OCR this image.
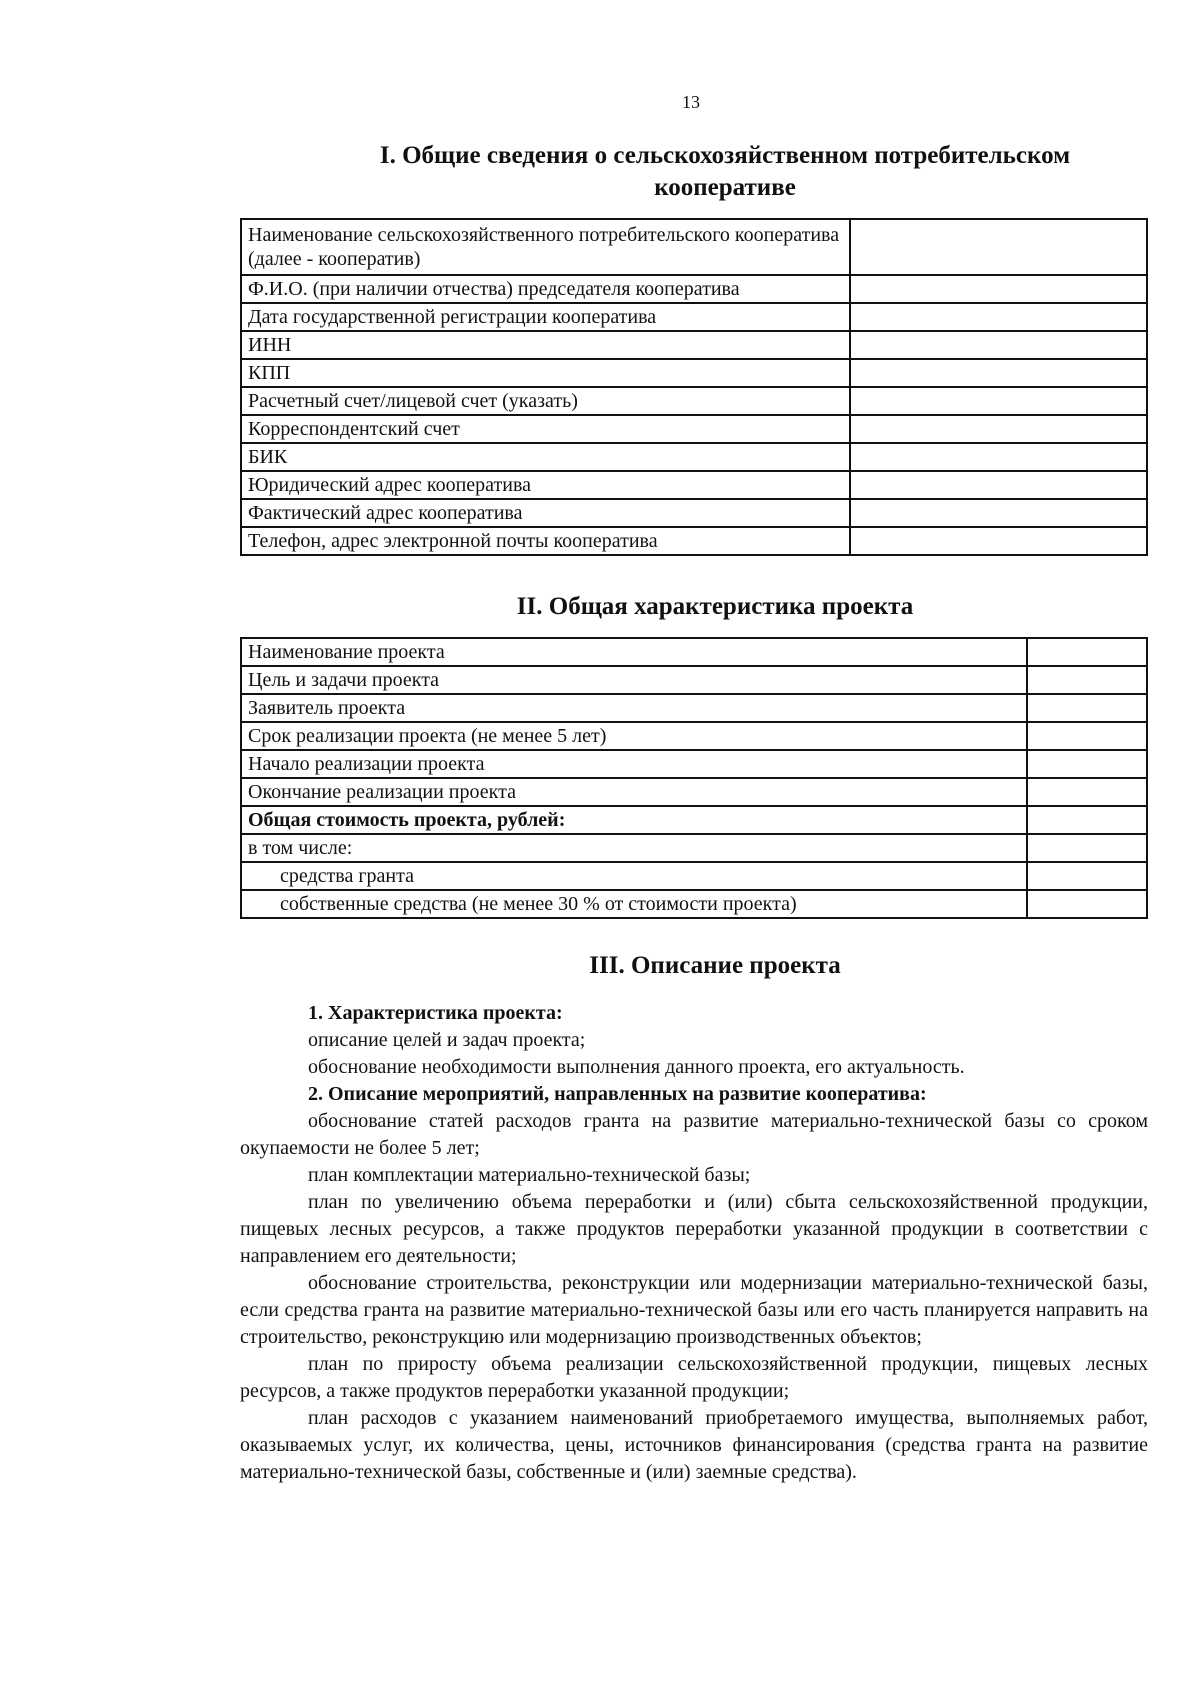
13
I. Общие сведения о сельскохозяйственном потребительском кооперативе
Наименование сельскохозяйственного потребительского кооператива (далее - кооператив)	
Ф.И.О. (при наличии отчества) председателя кооператива	
Дата государственной регистрации кооператива	
ИНН	
КПП	
Расчетный счет/лицевой счет (указать)	
Корреспондентский счет	
БИК	
Юридический адрес кооператива	
Фактический адрес кооператива	
Телефон, адрес электронной почты кооператива	
II. Общая характеристика проекта
Наименование проекта	
Цель и задачи проекта	
Заявитель проекта	
Срок реализации проекта (не менее 5 лет)	
Начало реализации проекта	
Окончание реализации проекта	
Общая стоимость проекта, рублей:	
в том числе:	
средства гранта	
собственные средства (не менее 30 % от стоимости проекта)	
III. Описание проекта

1. Характеристика проекта:

описание целей и задач проекта;

обоснование необходимости выполнения данного проекта, его актуальность.

2. Описание мероприятий, направленных на развитие кооператива:

обоснование статей расходов гранта на развитие материально-технической базы со сроком окупаемости не более 5 лет;

план комплектации материально-технической базы;

план по увеличению объема переработки и (или) сбыта сельскохозяйственной продукции, пищевых лесных ресурсов, а также продуктов переработки указанной продукции в соответствии с направлением его деятельности;

обоснование строительства, реконструкции или модернизации материально-технической базы, если средства гранта на развитие материально-технической базы или его часть планируется направить на строительство, реконструкцию или модернизацию производственных объектов;

план по приросту объема реализации сельскохозяйственной продукции, пищевых лесных ресурсов, а также продуктов переработки указанной продукции;

план расходов с указанием наименований приобретаемого имущества, выполняемых работ, оказываемых услуг, их количества, цены, источников финансирования (средства гранта на развитие материально-технической базы, собственные и (или) заемные средства).
